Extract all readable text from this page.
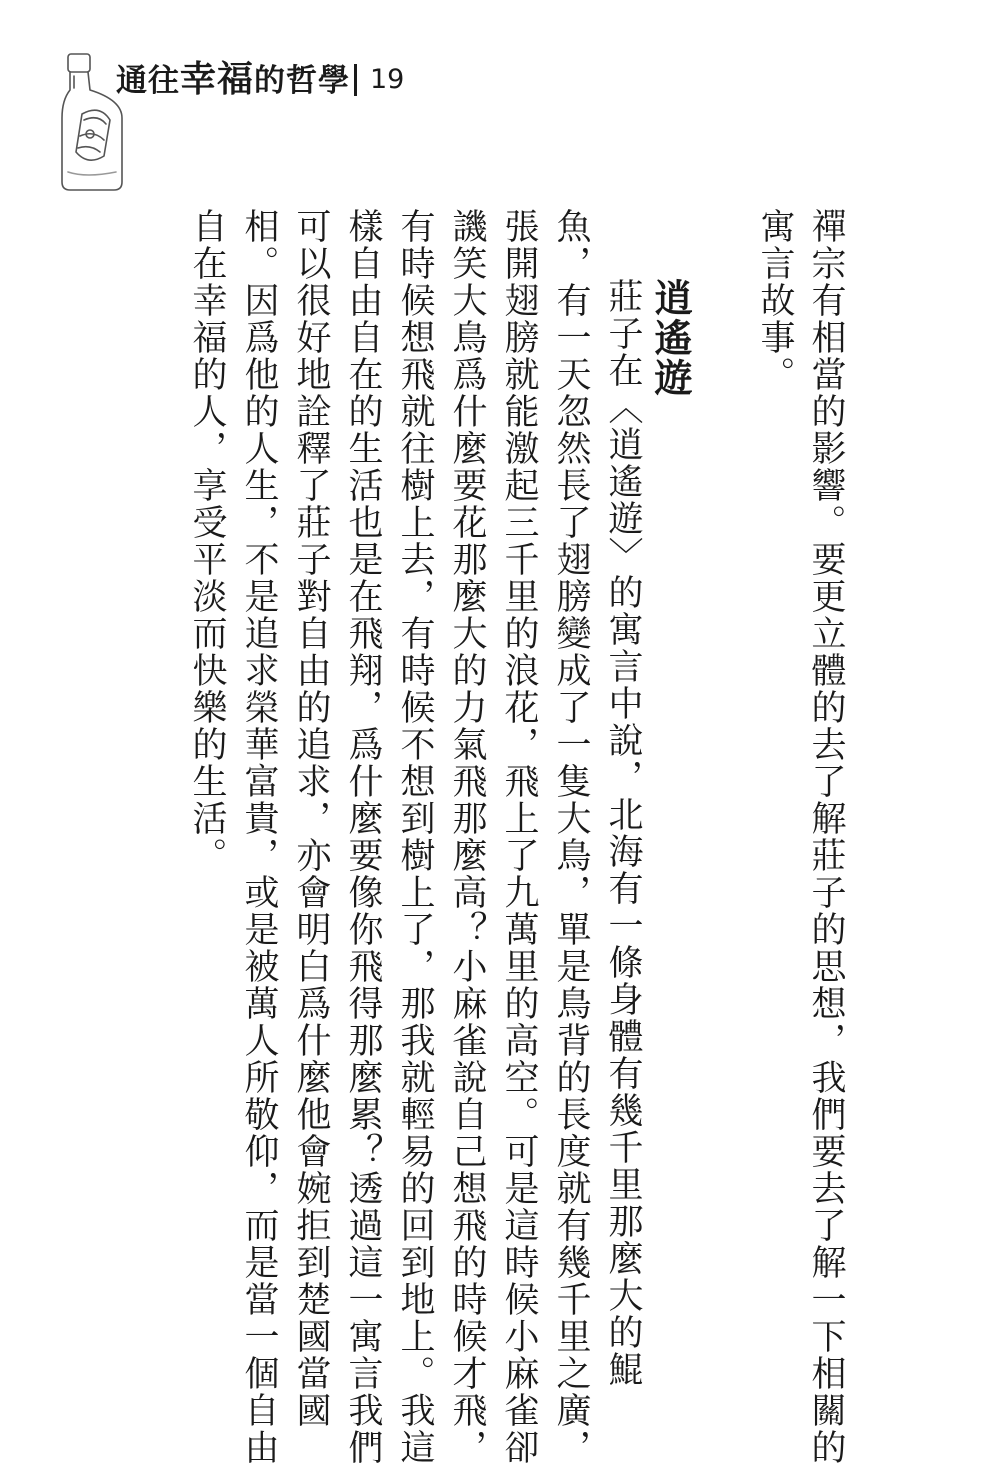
通往幸福的哲學 19
禪宗有相當的影響。要更立體的去了解莊子的思想，我們要去了解一下相關的
寓言故事。
逍遙遊
莊子在〈逍遙遊〉的寓言中說，北海有一條身體有幾千里那麼大的鯤
魚，有一天忽然長了翅膀變成了一隻大鳥，單是鳥背的長度就有幾千里之廣，
張開翅膀就能激起三千里的浪花，飛上了九萬里的高空。可是這時候小麻雀卻
譏笑大鳥爲什麼要花那麼大的力氣飛那麼高？小麻雀說自己想飛的時候才飛，
有時候想飛就往樹上去，有時候不想到樹上了，那我就輕易的回到地上。我這
樣自由自在的生活也是在飛翔，爲什麼要像你飛得那麼累？透過這一寓言我們
可以很好地詮釋了莊子對自由的追求，亦會明白爲什麼他會婉拒到楚國當國
相。因爲他的人生，不是追求榮華富貴，或是被萬人所敬仰，而是當一個自由
自在幸福的人，享受平淡而快樂的生活。
